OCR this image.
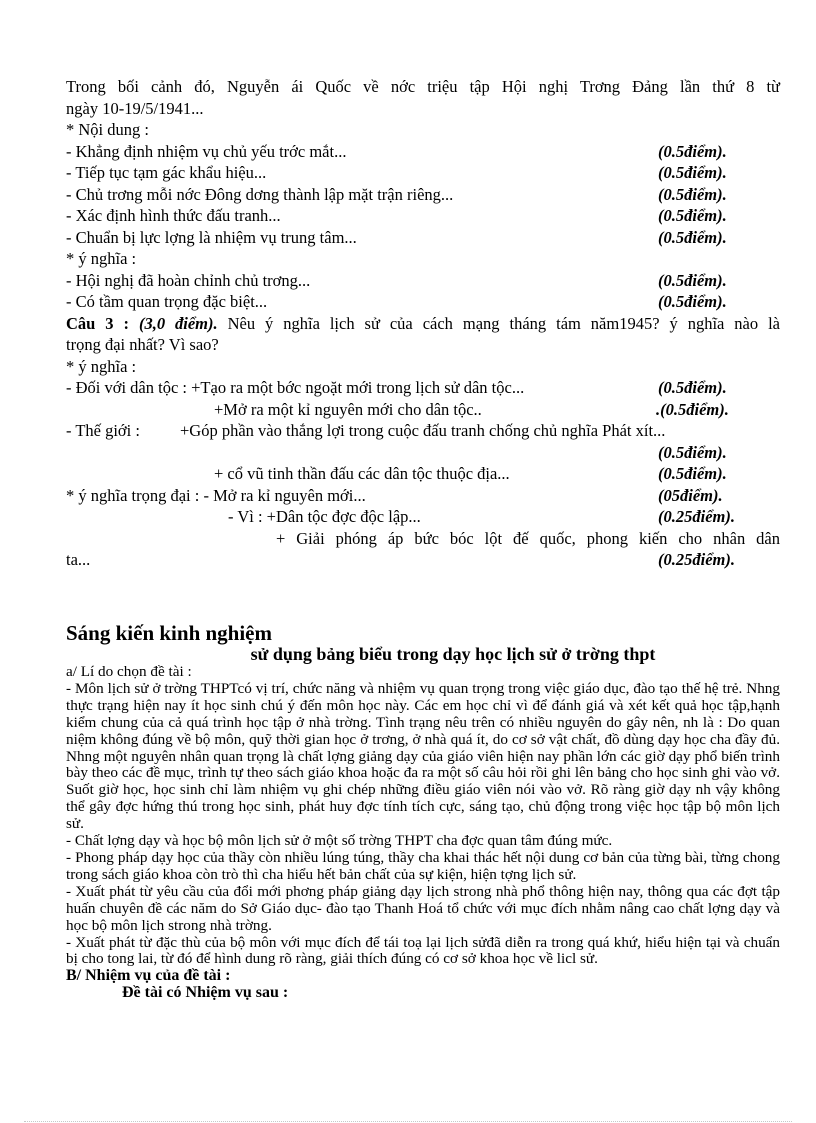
Trong bối cảnh đó, Nguyễn ái Quốc về nớc triệu tập Hội nghị Trơng Đảng lần thứ 8 từ
ngày 10-19/5/1941...
* Nội dung :
- Khẳng định nhiệm vụ chủ yếu trớc mắt...	(0.5điểm).
- Tiếp tục tạm gác khẩu hiệu...	(0.5điểm).
- Chủ trơng mỗi nớc Đông dơng thành lập mặt trận riêng...	(0.5điểm).
- Xác định hình thức đấu tranh...	(0.5điểm).
- Chuẩn bị lực lợng là nhiệm vụ trung tâm...	(0.5điểm).
* ý nghĩa :
- Hội nghị đã hoàn chỉnh chủ trơng...	(0.5điểm).
- Có tầm quan trọng đặc biệt...	(0.5điểm).
Câu 3 : (3,0 điểm). Nêu ý nghĩa lịch sử của cách mạng tháng tám năm1945? ý nghĩa nào là
trọng đại nhất? Vì sao?
* ý nghĩa :
- Đối với dân tộc : +Tạo ra một bớc ngoặt mới trong lịch sử dân tộc...	(0.5điểm).
+Mở ra một kỉ nguyên mới cho dân tộc..	.(0.5điểm).
- Thế giới : +Góp phần vào thắng lợi trong cuộc đấu tranh chống chủ nghĩa Phát xít...
(0.5điểm).
+ cổ vũ tinh thần đấu các dân tộc thuộc địa...	(0.5điểm).
* ý nghĩa trọng đại : - Mở ra kỉ nguyên mới...	(05điểm).
- Vì : +Dân tộc đợc độc lập...	(0.25điểm).
+ Giải phóng áp bức bóc lột đế quốc, phong kiến cho nhân dân
ta...	(0.25điểm).
Sáng kiến kinh nghiệm
sử dụng bảng biểu trong dạy học lịch sử ở trờng thpt

a/ Lí do chọn đề tài :

- Môn lịch sử ở trờng THPTcó vị trí, chức năng và nhiệm vụ quan trọng trong việc giáo dục, đào tạo thế hệ trẻ. Nhng thực trạng hiện nay ít học sinh chú ý đến môn học này. Các em học chỉ vì để đánh giá và xét kết quả học tập,hạnh kiểm chung của cả quá trình học tập ở nhà trờng. Tình trạng nêu trên có nhiều nguyên do gây nên, nh là : Do quan niệm không đúng về bộ môn, quỹ thời gian học ở trơng, ở nhà quá ít, do cơ sở vật chất, đồ dùng dạy học cha đầy đủ. Nhng một nguyên nhân quan trọng là chất lợng giảng dạy của giáo viên hiện nay phần lớn các giờ dạy phổ biến trình bày theo các đề mục, trình tự theo sách giáo khoa hoặc đa ra một số câu hỏi rồi ghi lên bảng cho học sinh ghi vào vở. Suốt giờ học, học sinh chỉ làm nhiệm vụ ghi chép những điều giáo viên nói vào vở. Rõ ràng giờ dạy nh vậy không thể gây đợc hứng thú trong học sinh, phát huy đợc tính tích cực, sáng tạo, chủ động trong việc học tập bộ môn lịch sử.

- Chất lợng dạy và học bộ môn lịch sử ở một số trờng THPT cha đợc quan tâm đúng mức.

- Phong pháp dạy học của thầy còn nhiều lúng túng, thầy cha khai thác hết nội dung cơ bản của từng bài, từng chong trong sách giáo khoa còn trò thì cha hiểu hết bản chất của sự kiện, hiện tợng lịch sử.

- Xuất phát từ yêu cầu của đổi mới phơng pháp giảng dạy lịch strong nhà phổ thông hiện nay, thông qua các đợt tập huấn chuyên đề các năm do Sở Giáo dục- đào tạo Thanh Hoá tổ chức với mục đích nhằm nâng cao chất lợng dạy và học bộ môn lịch strong nhà trờng.

- Xuất phát từ đặc thù của bộ môn với mục đích để tái toạ lại lịch sửđã diễn ra trong quá khứ, hiểu hiện tại và chuẩn bị cho tong lai, từ đó để hình dung rõ ràng, giải thích đúng có cơ sở khoa học về licl sử.

B/ Nhiệm vụ của đề tài :

Đề tài có Nhiệm vụ sau :
